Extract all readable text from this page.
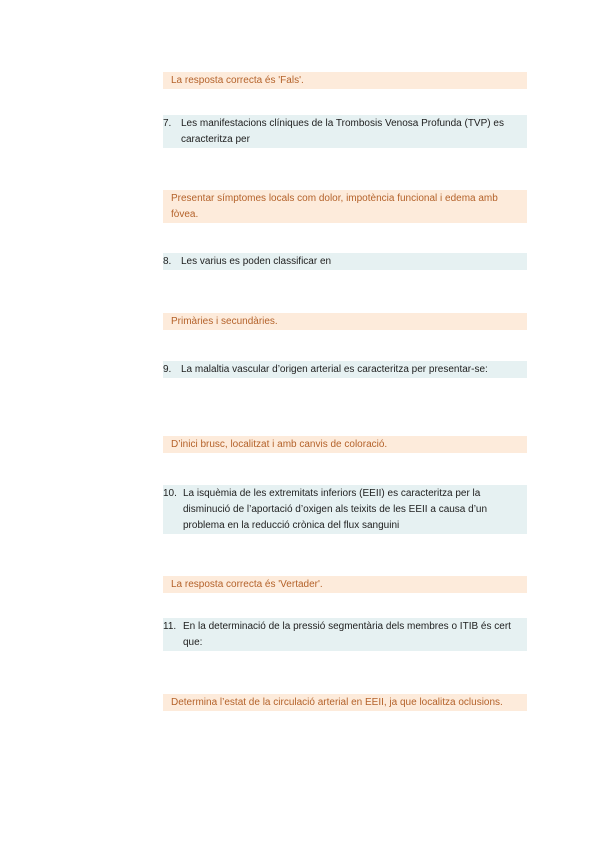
La resposta correcta és 'Fals'.
7. Les manifestacions clíniques de la Trombosis Venosa Profunda (TVP) es caracteritza per
Presentar símptomes locals com dolor, impotència funcional i edema amb fòvea.
8. Les varius es poden classificar en
Primàries i secundàries.
9. La malaltia vascular d’origen arterial es caracteritza per presentar-se:
D’inici brusc, localitzat i amb canvis de coloració.
10. La isquèmia de les extremitats inferiors (EEII) es caracteritza per la disminució de l’aportació d’oxigen als teixits de les EEII a causa d’un problema en la reducció crònica del flux sanguini
La resposta correcta és 'Vertader'.
11. En la determinació de la pressió segmentària dels membres o ITIB és cert que:
Determina l’estat de la circulació arterial en EEII, ja que localitza oclusions.
